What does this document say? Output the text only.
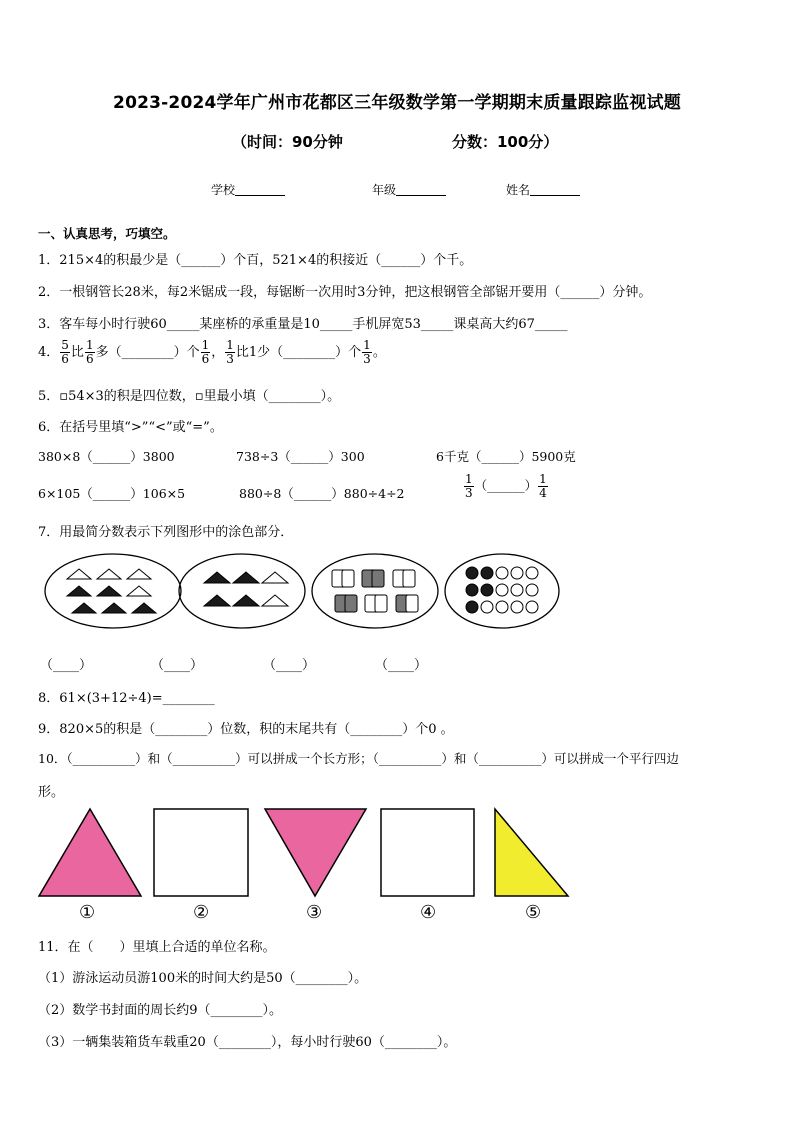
2023-2024学年广州市花都区三年级数学第一学期期末质量跟踪监视试题
（时间：90分钟	分数：100分）
学校	年级	姓名
一、认真思考，巧填空。
1．215×4的积最少是（______）个百，521×4的积接近（______）个千。
2．一根钢管长28米，每2米锯成一段，每锯断一次用时3分钟，把这根钢管全部锯开要用（______）分钟。
3．客车每小时行驶60_____某座桥的承重量是10_____手机屏宽53_____课桌高大约67_____
4． $\frac{5}{6}$ 比 $\frac{1}{6}$ 多（________）个 $\frac{1}{6}$ ， $\frac{1}{3}$ 比1少（________）个 $\frac{1}{3}$ 。
5．▫54×3的积是四位数，▫里最小填（________）。
6．在括号里填“>”“<”或“=”。
380×8（______）3800	738÷3（______）300	6千克（______）5900克
6×105（______）106×5	880÷8（______）880÷4÷2	$\frac{1}{3}$ （______） $\frac{1}{4}$
7．用最简分数表示下列图形中的涂色部分．
（____）	（____）	（____）	（____）
8．61×(3+12÷4)=________
9．820×5的积是（________）位数，积的末尾共有（________）个0 。
10．（__________）和（__________）可以拼成一个长方形；（__________）和（__________）可以拼成一个平行四边
形。
①	②	③	④	⑤
11．在（　　）里填上合适的单位名称。
（1）游泳运动员游100米的时间大约是50（________）。
（2）数学书封面的周长约9（________）。
（3）一辆集装箱货车载重20（________），每小时行驶60（________）。
